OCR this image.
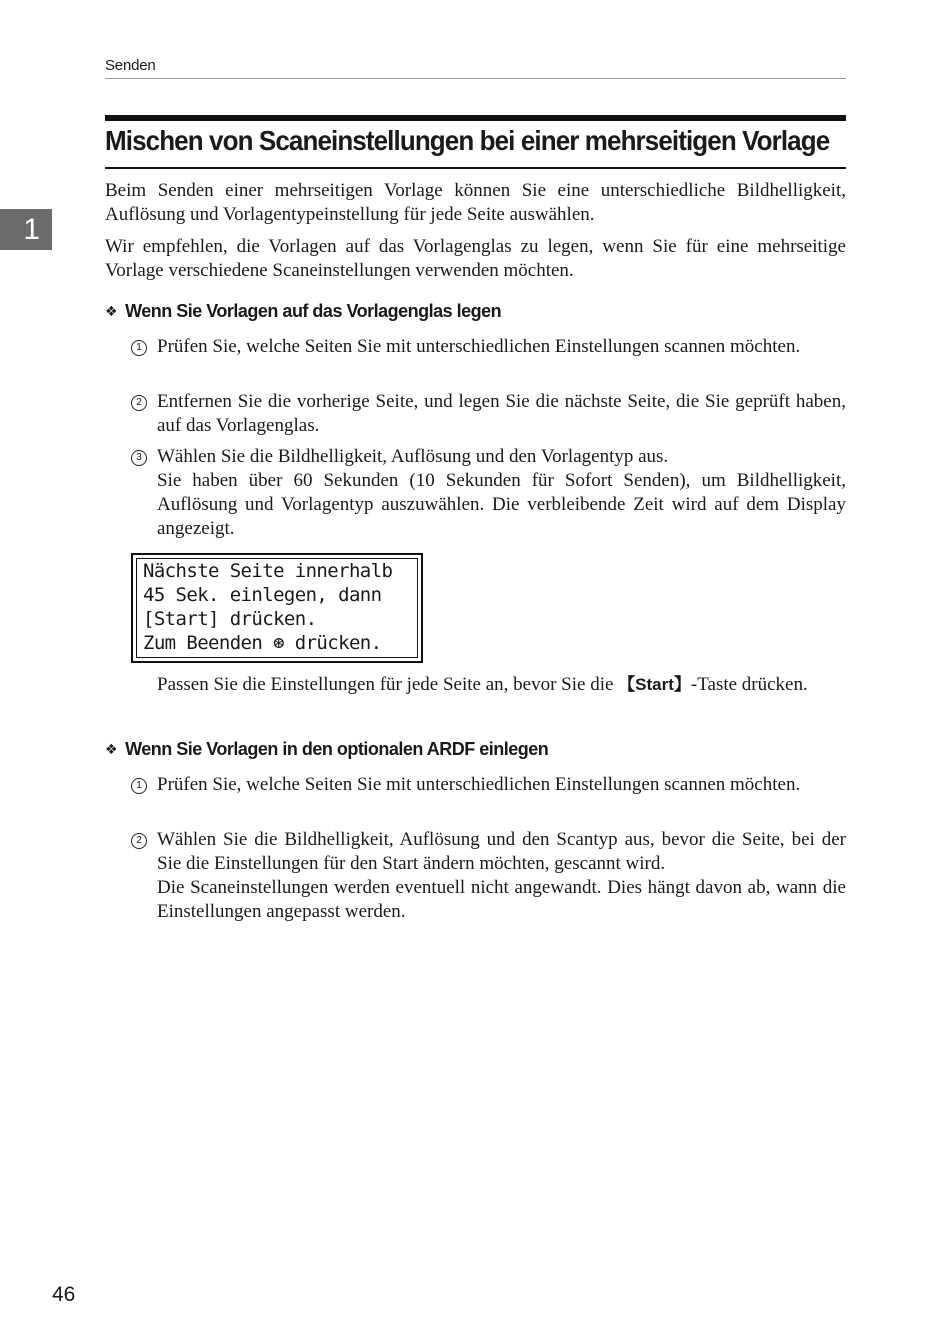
Senden
1
Mischen von Scaneinstellungen bei einer mehrseitigen Vorlage

Beim Senden einer mehrseitigen Vorlage können Sie eine unterschiedliche Bildhelligkeit, Auflösung und Vorlagentypeinstellung für jede Seite auswählen.

Wir empfehlen, die Vorlagen auf das Vorlagenglas zu legen, wenn Sie für eine mehrseitige Vorlage verschiedene Scaneinstellungen verwenden möchten.

❖ Wenn Sie Vorlagen auf das Vorlagenglas legen
1 Prüfen Sie, welche Seiten Sie mit unterschiedlichen Einstellungen scannen möchten.
2 Entfernen Sie die vorherige Seite, und legen Sie die nächste Seite, die Sie geprüft haben, auf das Vorlagenglas.
3 Wählen Sie die Bildhelligkeit, Auflösung und den Vorlagentyp aus.
Sie haben über 60 Sekunden (10 Sekunden für Sofort Senden), um Bildhelligkeit, Auflösung und Vorlagentyp auszuwählen. Die verbleibende Zeit wird auf dem Display angezeigt.
Nächste Seite innerhalb
45 Sek. einlegen, dann
[Start] drücken.
Zum Beenden ⊛ drücken.
Passen Sie die Einstellungen für jede Seite an, bevor Sie die 【Start】-Taste drücken.
❖ Wenn Sie Vorlagen in den optionalen ARDF einlegen
1 Prüfen Sie, welche Seiten Sie mit unterschiedlichen Einstellungen scannen möchten.
2 Wählen Sie die Bildhelligkeit, Auflösung und den Scantyp aus, bevor die Seite, bei der Sie die Einstellungen für den Start ändern möchten, gescannt wird.
Die Scaneinstellungen werden eventuell nicht angewandt. Dies hängt davon ab, wann die Einstellungen angepasst werden.
46
